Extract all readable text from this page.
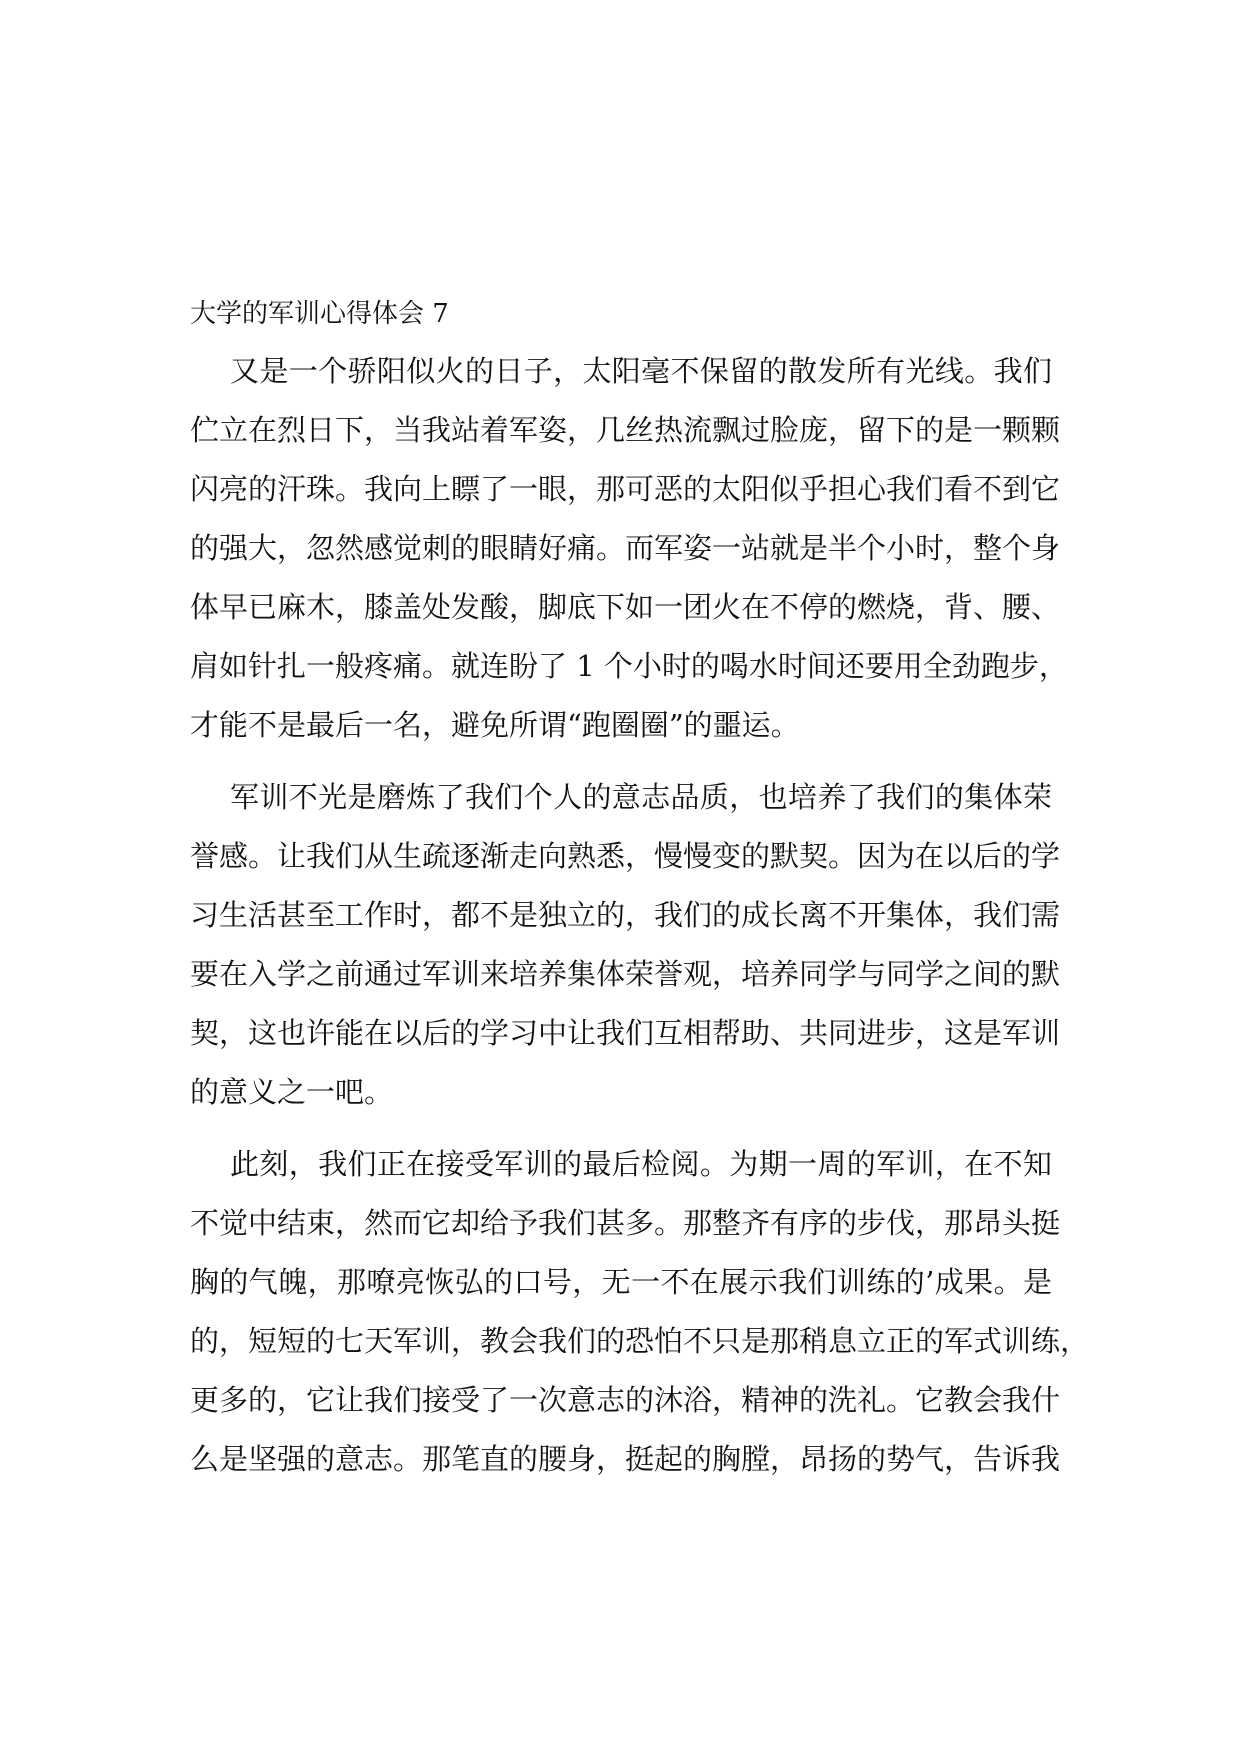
大学的军训心得体会 7
又是一个骄阳似火的日子，太阳毫不保留的散发所有光线。我们
伫立在烈日下，当我站着军姿，几丝热流飘过脸庞，留下的是一颗颗
闪亮的汗珠。我向上瞟了一眼，那可恶的太阳似乎担心我们看不到它
的强大，忽然感觉刺的眼睛好痛。而军姿一站就是半个小时，整个身
体早已麻木，膝盖处发酸，脚底下如一团火在不停的燃烧，背、腰、
肩如针扎一般疼痛。就连盼了 1 个小时的喝水时间还要用全劲跑步，
才能不是最后一名，避免所谓“跑圈圈”的噩运。
军训不光是磨炼了我们个人的意志品质，也培养了我们的集体荣
誉感。让我们从生疏逐渐走向熟悉，慢慢变的默契。因为在以后的学
习生活甚至工作时，都不是独立的，我们的成长离不开集体，我们需
要在入学之前通过军训来培养集体荣誉观，培养同学与同学之间的默
契，这也许能在以后的学习中让我们互相帮助、共同进步，这是军训
的意义之一吧。
此刻，我们正在接受军训的最后检阅。为期一周的军训，在不知
不觉中结束，然而它却给予我们甚多。那整齐有序的步伐，那昂头挺
胸的气魄，那嘹亮恢弘的口号，无一不在展示我们训练的’成果。是
的，短短的七天军训，教会我们的恐怕不只是那稍息立正的军式训练，
更多的，它让我们接受了一次意志的沐浴，精神的洗礼。它教会我什
么是坚强的意志。那笔直的腰身，挺起的胸膛，昂扬的势气，告诉我
